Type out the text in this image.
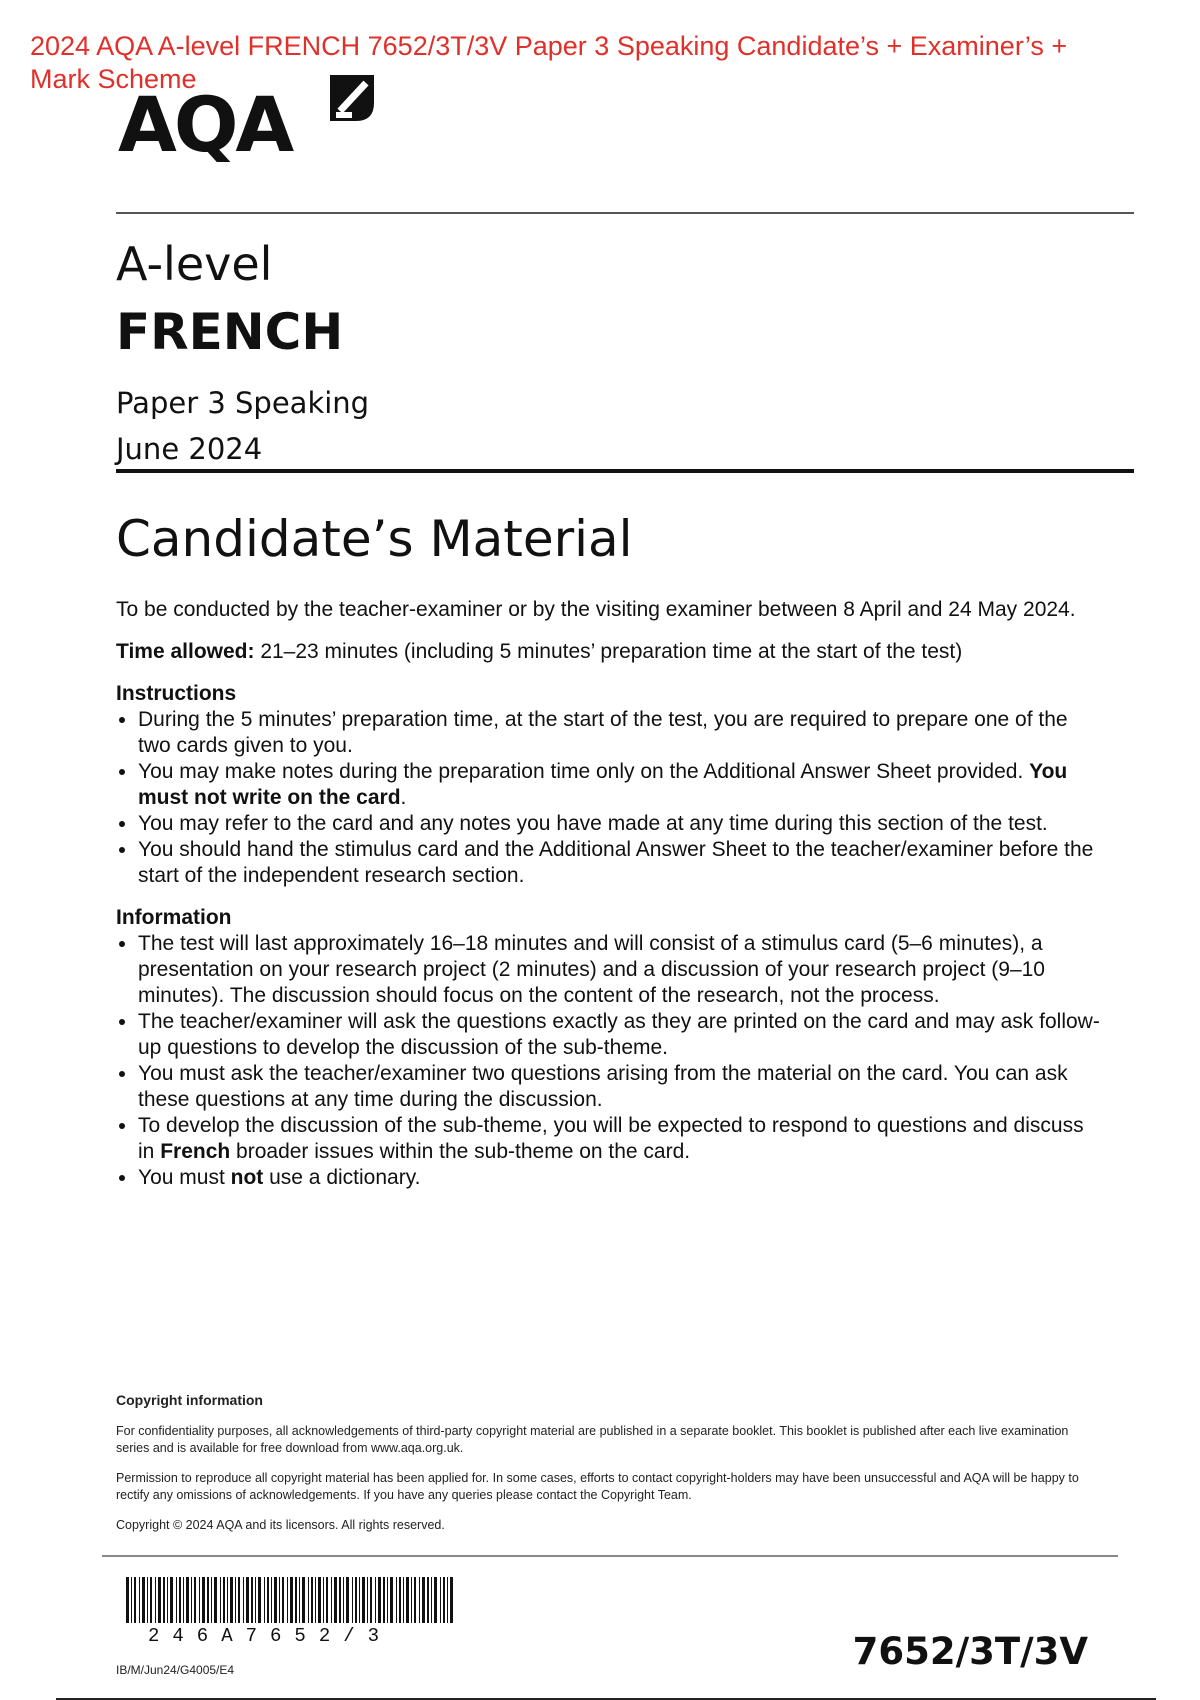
2024 AQA A-level FRENCH 7652/3T/3V Paper 3 Speaking Candidate’s + Examiner’s + Mark Scheme
AQA
A-level
FRENCH
Paper 3 Speaking
June 2024
Candidate’s Material

To be conducted by the teacher-examiner or by the visiting examiner between 8 April and 24 May 2024.

Time allowed: 21–23 minutes (including 5 minutes’ preparation time at the start of the test)

Instructions
• During the 5 minutes’ preparation time, at the start of the test, you are required to prepare one of the two cards given to you.
• You may make notes during the preparation time only on the Additional Answer Sheet provided. You must not write on the card.
• You may refer to the card and any notes you have made at any time during this section of the test.
• You should hand the stimulus card and the Additional Answer Sheet to the teacher/examiner before the start of the independent research section.
Information
• The test will last approximately 16–18 minutes and will consist of a stimulus card (5–6 minutes), a presentation on your research project (2 minutes) and a discussion of your research project (9–10 minutes). The discussion should focus on the content of the research, not the process.
• The teacher/examiner will ask the questions exactly as they are printed on the card and may ask follow-up questions to develop the discussion of the sub-theme.
• You must ask the teacher/examiner two questions arising from the material on the card. You can ask these questions at any time during the discussion.
• To develop the discussion of the sub-theme, you will be expected to respond to questions and discuss in French broader issues within the sub-theme on the card.
• You must not use a dictionary.
Copyright information

For confidentiality purposes, all acknowledgements of third-party copyright material are published in a separate booklet. This booklet is published after each live examination series and is available for free download from www.aqa.org.uk.

Permission to reproduce all copyright material has been applied for. In some cases, efforts to contact copyright-holders may have been unsuccessful and AQA will be happy to rectify any omissions of acknowledgements. If you have any queries please contact the Copyright Team.

Copyright © 2024 AQA and its licensors. All rights reserved.

246A7652/3
IB/M/Jun24/G4005/E4	7652/3T/3V
